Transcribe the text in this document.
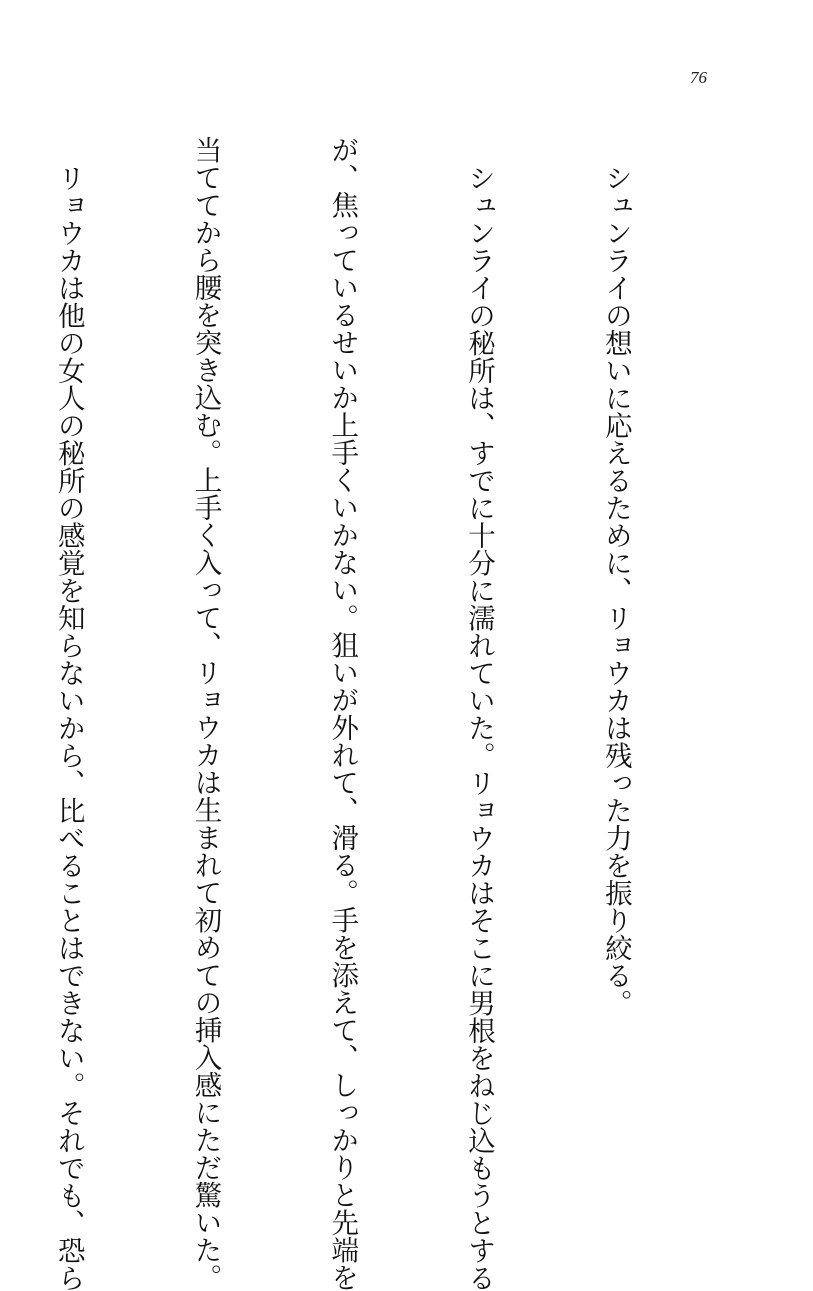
76

シュンライの想いに応えるために、リョウカは残った力を振り絞る。

シュンライの秘所は、すでに十分に濡れていた。リョウカはそこに男根をねじ込もうとする

が、焦っているせいか上手くいかない。狙いが外れて、滑る。手を添えて、しっかりと先端を

当ててから腰を突き込む。上手く入って、リョウカは生まれて初めての挿入感にただ驚いた。

リョウカは他の女人の秘所の感覚を知らないから、比べることはできない。それでも、恐ら
